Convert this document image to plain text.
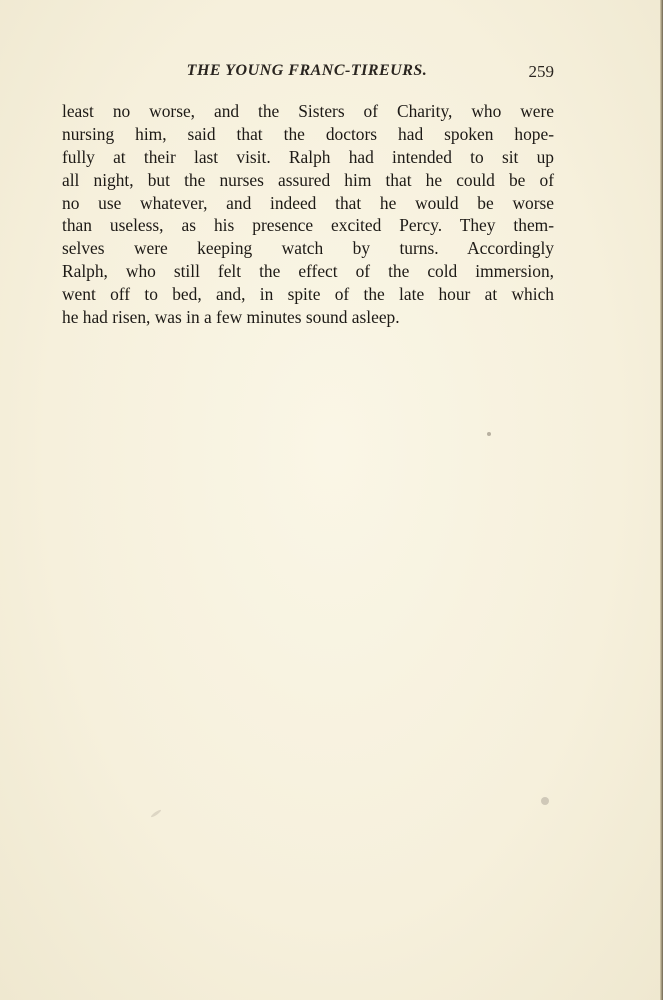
THE YOUNG FRANC-TIREURS.	259
least no worse, and the Sisters of Charity, who were
nursing him, said that the doctors had spoken hope-
fully at their last visit. Ralph had intended to sit up
all night, but the nurses assured him that he could be of
no use whatever, and indeed that he would be worse
than useless, as his presence excited Percy. They them-
selves were keeping watch by turns. Accordingly
Ralph, who still felt the effect of the cold immersion,
went off to bed, and, in spite of the late hour at which
he had risen, was in a few minutes sound asleep.
